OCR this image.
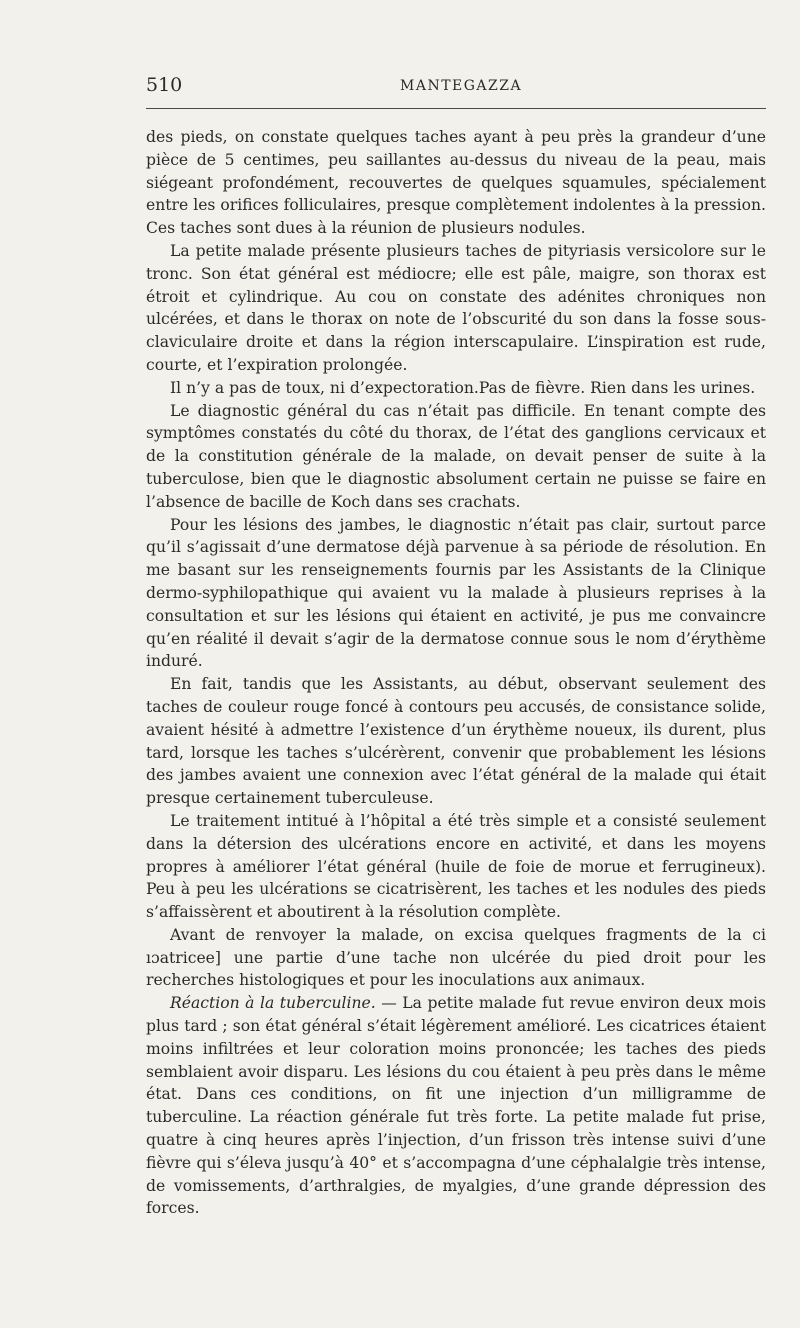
510	MANTEGAZZA

des pieds, on constate quelques taches ayant à peu près la grandeur d’une pièce de 5 centimes, peu saillantes au-dessus du niveau de la peau, mais siégeant profondément, recouvertes de quelques squamules, spécialement entre les orifices folliculaires, presque complètement indolentes à la pression. Ces taches sont dues à la réunion de plusieurs nodules.

La petite malade présente plusieurs taches de pityriasis versicolore sur le tronc. Son état général est médiocre; elle est pâle, maigre, son thorax est étroit et cylindrique. Au cou on constate des adénites chroniques non ulcérées, et dans le thorax on note de l’obscurité du son dans la fosse sous-claviculaire droite et dans la région interscapulaire. L’inspiration est rude, courte, et l’expiration prolongée.

Il n’y a pas de toux, ni d’expectoration.Pas de fièvre. Rien dans les urines.

Le diagnostic général du cas n’était pas difficile. En tenant compte des symptômes constatés du côté du thorax, de l’état des ganglions cervicaux et de la constitution générale de la malade, on devait penser de suite à la tuberculose, bien que le diagnostic absolument certain ne puisse se faire en l’absence de bacille de Koch dans ses crachats.

Pour les lésions des jambes, le diagnostic n’était pas clair, surtout parce qu’il s’agissait d’une dermatose déjà parvenue à sa période de résolution. En me basant sur les renseignements fournis par les Assistants de la Clinique dermo-syphilopathique qui avaient vu la malade à plusieurs reprises à la consultation et sur les lésions qui étaient en activité, je pus me convaincre qu’en réalité il devait s’agir de la dermatose connue sous le nom d’érythème induré.

En fait, tandis que les Assistants, au début, observant seulement des taches de couleur rouge foncé à contours peu accusés, de consistance solide, avaient hésité à admettre l’existence d’un érythème noueux, ils durent, plus tard, lorsque les taches s’ulcérèrent, convenir que probablement les lésions des jambes avaient une connexion avec l’état général de la malade qui était presque certainement tuberculeuse.

Le traitement intitué à l’hôpital a été très simple et a consisté seulement dans la détersion des ulcérations encore en activité, et dans les moyens propres à améliorer l’état général (huile de foie de morue et ferrugineux). Peu à peu les ulcérations se cicatrisèrent, les taches et les nodules des pieds s’affaissèrent et aboutirent à la résolution complète.

Avant de renvoyer la malade, on excisa quelques fragments de la ci ıɔatricee] une partie d’une tache non ulcérée du pied droit pour les recherches histologiques et pour les inoculations aux animaux.

Réaction à la tuberculine. — La petite malade fut revue environ deux mois plus tard ; son état général s’était légèrement amélioré. Les cicatrices étaient moins infiltrées et leur coloration moins prononcée; les taches des pieds semblaient avoir disparu. Les lésions du cou étaient à peu près dans le même état. Dans ces conditions, on fit une injection d’un milligramme de tuberculine. La réaction générale fut très forte. La petite malade fut prise, quatre à cinq heures après l’injection, d’un frisson très intense suivi d’une fièvre qui s’éleva jusqu’à 40° et s’accompagna d’une céphalalgie très intense, de vomissements, d’arthralgies, de myalgies, d’une grande dépression des forces.
